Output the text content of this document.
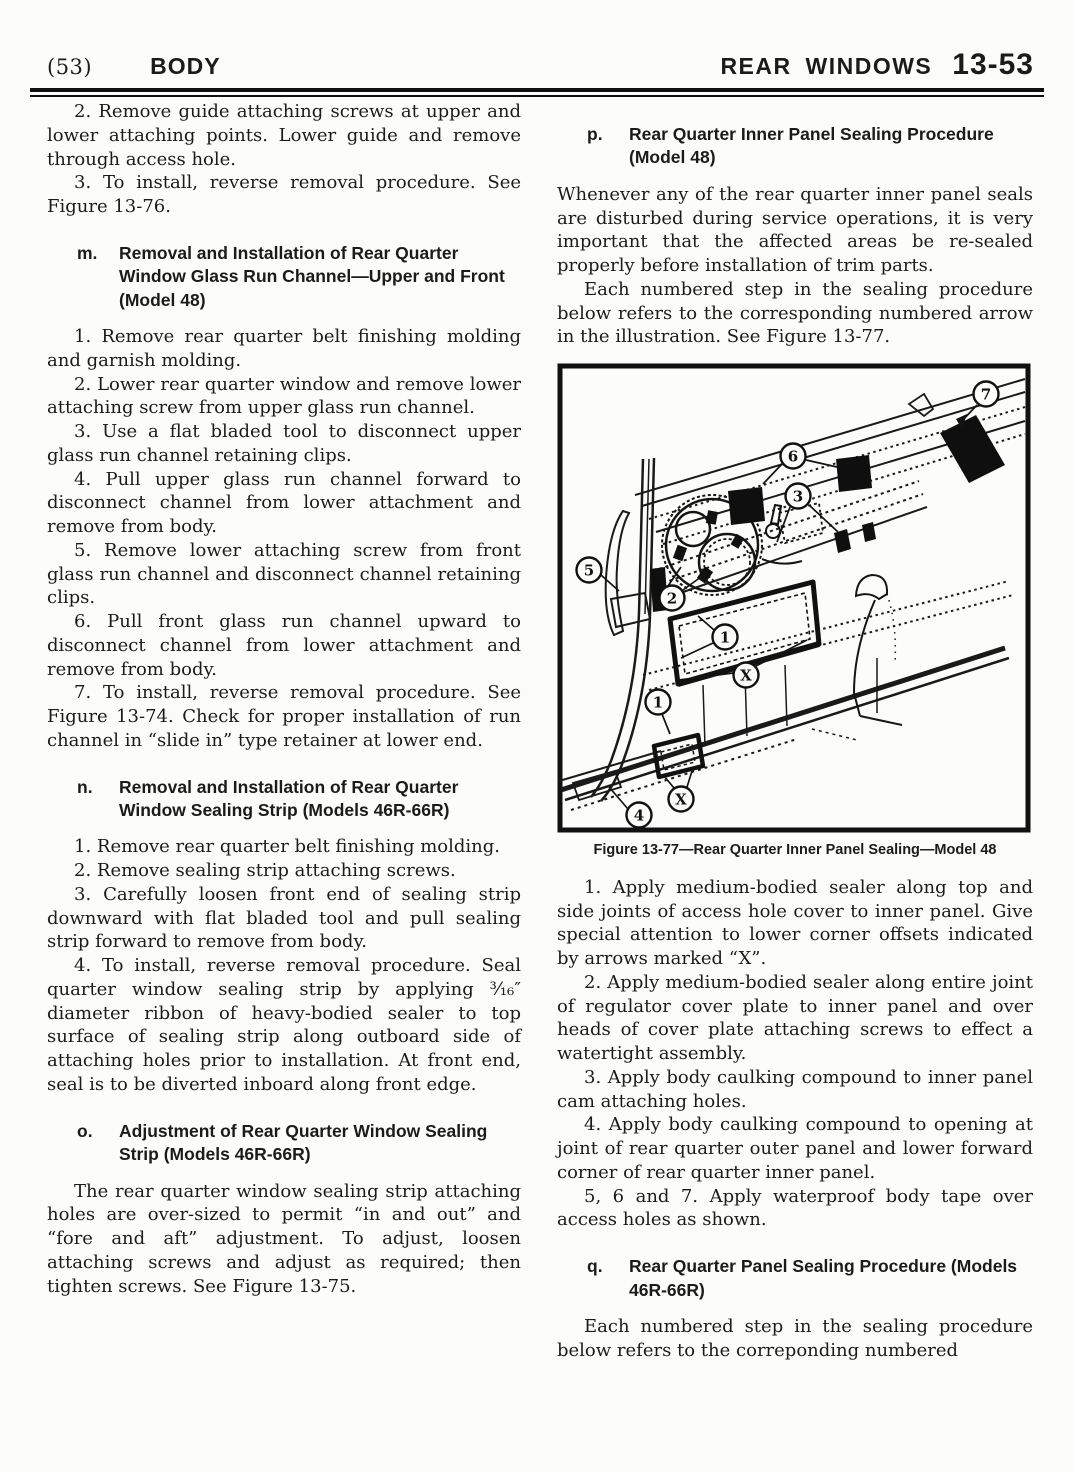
(53)	BODY	REAR WINDOWS 13-53

2. Remove guide attaching screws at upper and lower attaching points. Lower guide and remove through access hole.

3. To install, reverse removal procedure. See Figure 13-76.

m.	Removal and Installation of Rear Quarter Window Glass Run Channel—Upper and Front (Model 48)

1. Remove rear quarter belt finishing molding and garnish molding.

2. Lower rear quarter window and remove lower attaching screw from upper glass run channel.

3. Use a flat bladed tool to disconnect upper glass run channel retaining clips.

4. Pull upper glass run channel forward to disconnect channel from lower attachment and remove from body.

5. Remove lower attaching screw from front glass run channel and disconnect channel retaining clips.

6. Pull front glass run channel upward to disconnect channel from lower attachment and remove from body.

7. To install, reverse removal procedure. See Figure 13-74. Check for proper installation of run channel in “slide in” type retainer at lower end.

n.	Removal and Installation of Rear Quarter Window Sealing Strip (Models 46R-66R)

1. Remove rear quarter belt finishing molding.

2. Remove sealing strip attaching screws.

3. Carefully loosen front end of sealing strip downward with flat bladed tool and pull sealing strip forward to remove from body.

4. To install, reverse removal procedure. Seal quarter window sealing strip by applying ³⁄₁₆″ diameter ribbon of heavy-bodied sealer to top surface of sealing strip along outboard side of attaching holes prior to installation. At front end, seal is to be diverted inboard along front edge.

o.	Adjustment of Rear Quarter Window Sealing Strip (Models 46R-66R)

The rear quarter window sealing strip attaching holes are over-sized to permit “in and out” and “fore and aft” adjustment. To adjust, loosen attaching screws and adjust as required; then tighten screws. See Figure 13-75.

p.	Rear Quarter Inner Panel Sealing Procedure (Model 48)

Whenever any of the rear quarter inner panel seals are disturbed during service operations, it is very important that the affected areas be re-sealed properly before installation of trim parts.

Each numbered step in the sealing procedure below refers to the corresponding numbered arrow in the illustration. See Figure 13-77.

7
6
3
5
2
1
X
1
X
4
Figure 13-77—Rear Quarter Inner Panel Sealing—Model 48

1. Apply medium-bodied sealer along top and side joints of access hole cover to inner panel. Give special attention to lower corner offsets indicated by arrows marked “X”.

2. Apply medium-bodied sealer along entire joint of regulator cover plate to inner panel and over heads of cover plate attaching screws to effect a watertight assembly.

3. Apply body caulking compound to inner panel cam attaching holes.

4. Apply body caulking compound to opening at joint of rear quarter outer panel and lower forward corner of rear quarter inner panel.

5, 6 and 7. Apply waterproof body tape over access holes as shown.

q.	Rear Quarter Panel Sealing Procedure (Models 46R-66R)

Each numbered step in the sealing procedure below refers to the correponding numbered
